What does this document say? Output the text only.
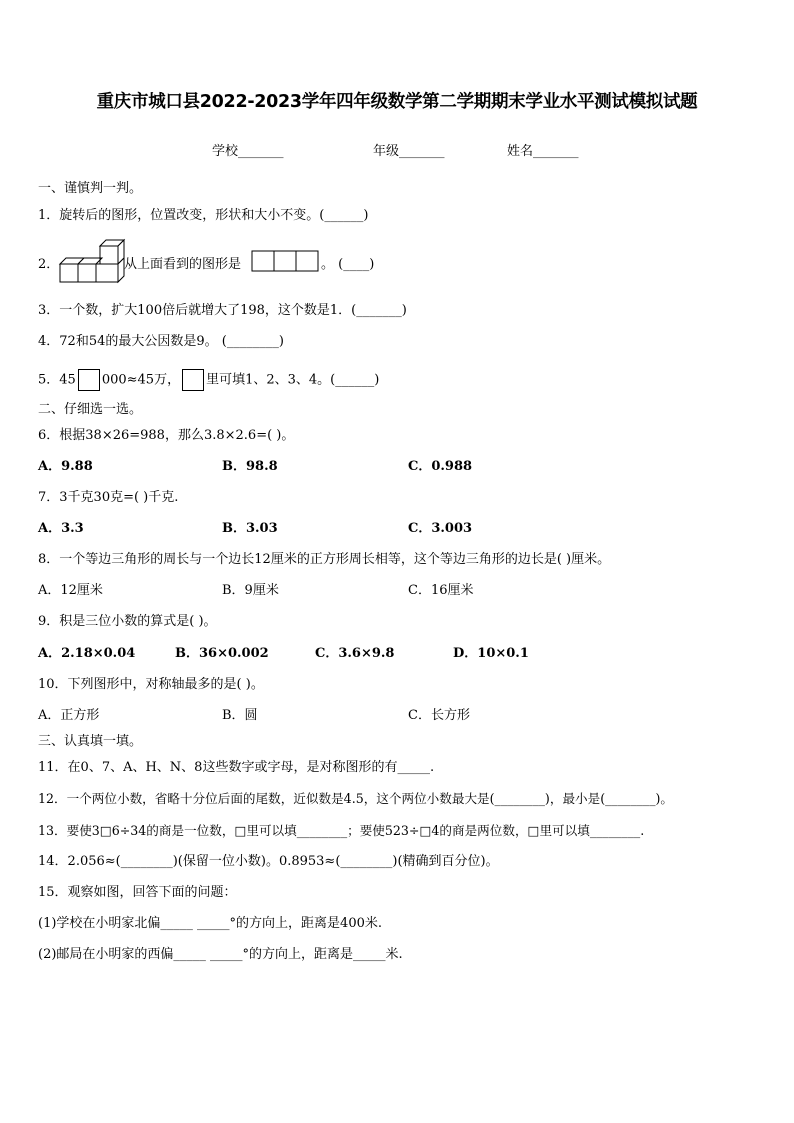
重庆市城口县2022-2023学年四年级数学第二学期期末学业水平测试模拟试题
学校_______	年级_______	姓名_______
一、谨慎判一判。
1．旋转后的图形，位置改变，形状和大小不变。(______)
2．	从上面看到的图形是	。 (____)
3．一个数，扩大100倍后就增大了198，这个数是1．(_______)
4．72和54的最大公因数是9。 (________)
5．45 000≈45万， 里可填1、2、3、4。(______)
二、仔细选一选。
6．根据38×26=988，那么3.8×2.6=( )。
A．9.88	B．98.8	C．0.988
7．3千克30克=( )千克.
A．3.3	B．3.03	C．3.003
8．一个等边三角形的周长与一个边长12厘米的正方形周长相等，这个等边三角形的边长是( )厘米。
A．12厘米	B．9厘米	C．16厘米
9．积是三位小数的算式是( )。
A．2.18×0.04	B．36×0.002	C．3.6×9.8	D．10×0.1
10．下列图形中，对称轴最多的是( )。
A．正方形	B．圆	C．长方形
三、认真填一填。
11．在0、7、A、H、N、8这些数字或字母，是对称图形的有_____.
12．一个两位小数，省略十分位后面的尾数，近似数是4.5，这个两位小数最大是(________)，最小是(________)。
13．要使3□6÷34的商是一位数，□里可以填________；要使523÷□4的商是两位数，□里可以填________.
14．2.056≈(________)(保留一位小数)。0.8953≈(________)(精确到百分位)。
15．观察如图，回答下面的问题：
(1)学校在小明家北偏_____ _____°的方向上，距离是400米.
(2)邮局在小明家的西偏_____ _____°的方向上，距离是_____米.
